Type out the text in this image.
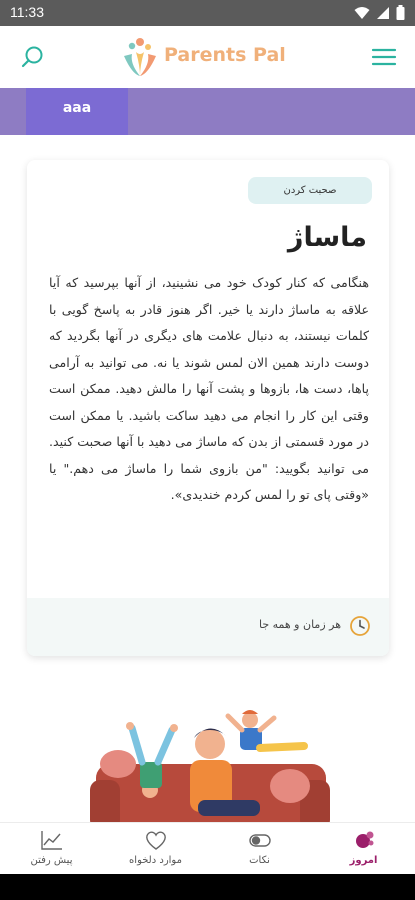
11:33
Parents Pal
aaa
صحبت کردن
ماساژ
هنگامی که کنار کودک خود می نشینید، از آنها بپرسید که آیا علاقه به ماساژ دارند یا خیر. اگر هنوز قادر به پاسخ گویی با کلمات نیستند، به دنبال علامت های دیگری در آنها بگردید که دوست دارند همین الان لمس شوند یا نه. می توانید به آرامی پاها، دست ها، بازوها و پشت آنها را مالش دهید. ممکن است وقتی این کار را انجام می دهید ساکت باشید. یا ممکن است در مورد قسمتی از بدن که ماساژ می دهید با آنها صحبت کنید. می توانید بگویید: "من بازوی شما را ماساژ می دهم." یا «وقتی پای تو را لمس کردم خندیدی».
هر زمان و همه جا
پیش رفتن	موارد دلخواه	نکات	امروز
